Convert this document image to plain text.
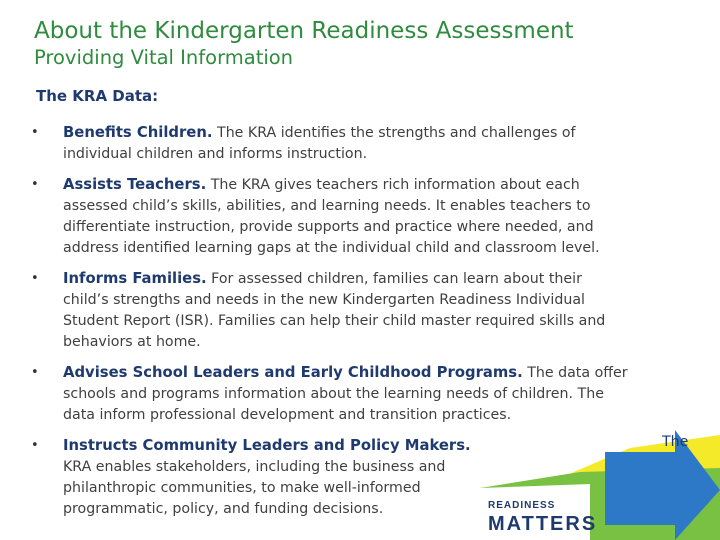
About the Kindergarten Readiness Assessment
Providing Vital Information
The KRA Data:
READINESS
MATTERS
• Benefits Children. The KRA identifies the strengths and challenges of
individual children and informs instruction.
• Assists Teachers. The KRA gives teachers rich information about each
assessed child’s skills, abilities, and learning needs. It enables teachers to
differentiate instruction, provide supports and practice where needed, and
address identified learning gaps at the individual child and classroom level.
• Informs Families. For assessed children, families can learn about their
child’s strengths and needs in the new Kindergarten Readiness Individual
Student Report (ISR). Families can help their child master required skills and
behaviors at home.
• Advises School Leaders and Early Childhood Programs. The data offer
schools and programs information about the learning needs of children. The
data inform professional development and transition practices.
• Instructs Community Leaders and Policy Makers.
KRA enables stakeholders, including the business and
philanthropic communities, to make well-informed
programmatic, policy, and funding decisions.
The
